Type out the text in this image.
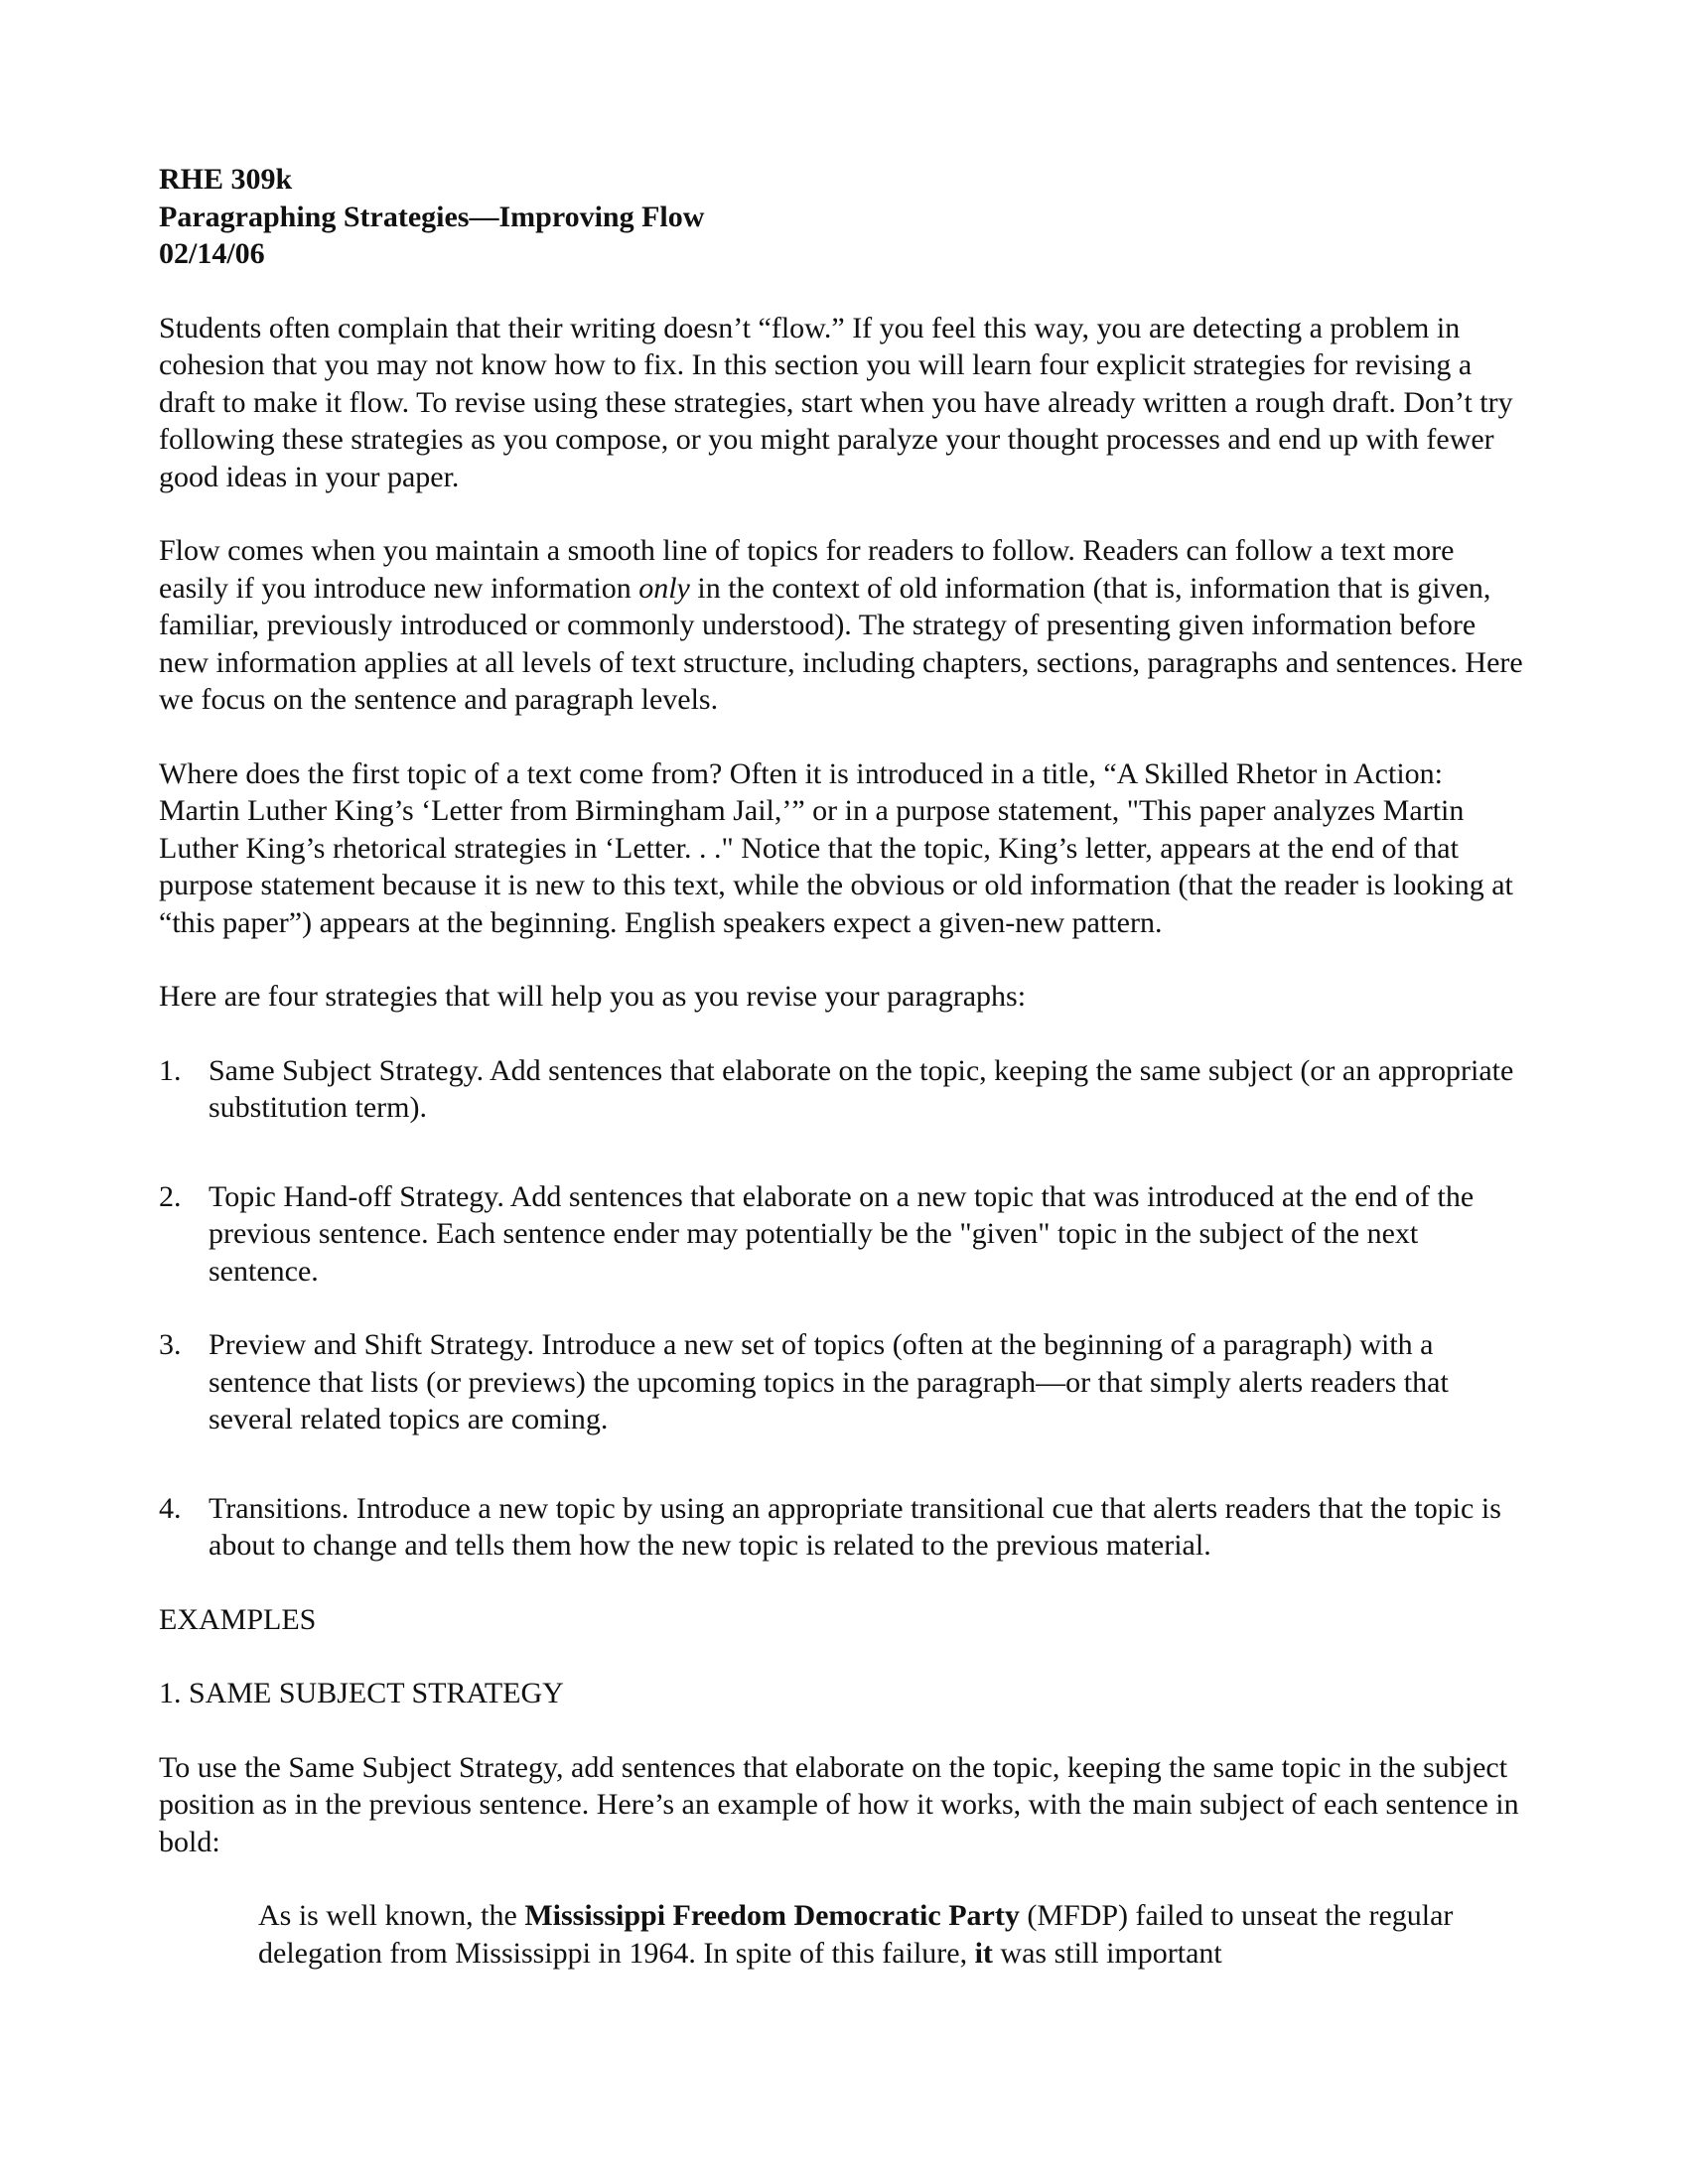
RHE 309k
Paragraphing Strategies—Improving Flow
02/14/06

Students often complain that their writing doesn’t “flow.” If you feel this way, you are detecting a problem in cohesion that you may not know how to fix. In this section you will learn four explicit strategies for revising a draft to make it flow. To revise using these strategies, start when you have already written a rough draft. Don’t try following these strategies as you compose, or you might paralyze your thought processes and end up with fewer good ideas in your paper.

Flow comes when you maintain a smooth line of topics for readers to follow. Readers can follow a text more easily if you introduce new information only in the context of old information (that is, information that is given, familiar, previously introduced or commonly understood). The strategy of presenting given information before new information applies at all levels of text structure, including chapters, sections, paragraphs and sentences. Here we focus on the sentence and paragraph levels.

Where does the first topic of a text come from? Often it is introduced in a title, “A Skilled Rhetor in Action: Martin Luther King’s ‘Letter from Birmingham Jail,’” or in a purpose statement, "This paper analyzes Martin Luther King’s rhetorical strategies in ‘Letter. . ." Notice that the topic, King’s letter, appears at the end of that purpose statement because it is new to this text, while the obvious or old information (that the reader is looking at “this paper”) appears at the beginning. English speakers expect a given-new pattern.

Here are four strategies that will help you as you revise your paragraphs:

1. Same Subject Strategy. Add sentences that elaborate on the topic, keeping the same subject (or an appropriate substitution term).
2. Topic Hand-off Strategy. Add sentences that elaborate on a new topic that was introduced at the end of the previous sentence. Each sentence ender may potentially be the "given" topic in the subject of the next sentence.
3. Preview and Shift Strategy. Introduce a new set of topics (often at the beginning of a paragraph) with a sentence that lists (or previews) the upcoming topics in the paragraph—or that simply alerts readers that several related topics are coming.
4. Transitions. Introduce a new topic by using an appropriate transitional cue that alerts readers that the topic is about to change and tells them how the new topic is related to the previous material.

EXAMPLES

1. SAME SUBJECT STRATEGY

To use the Same Subject Strategy, add sentences that elaborate on the topic, keeping the same topic in the subject position as in the previous sentence. Here’s an example of how it works, with the main subject of each sentence in bold:

As is well known, the Mississippi Freedom Democratic Party (MFDP) failed to unseat the regular delegation from Mississippi in 1964. In spite of this failure, it was still important
